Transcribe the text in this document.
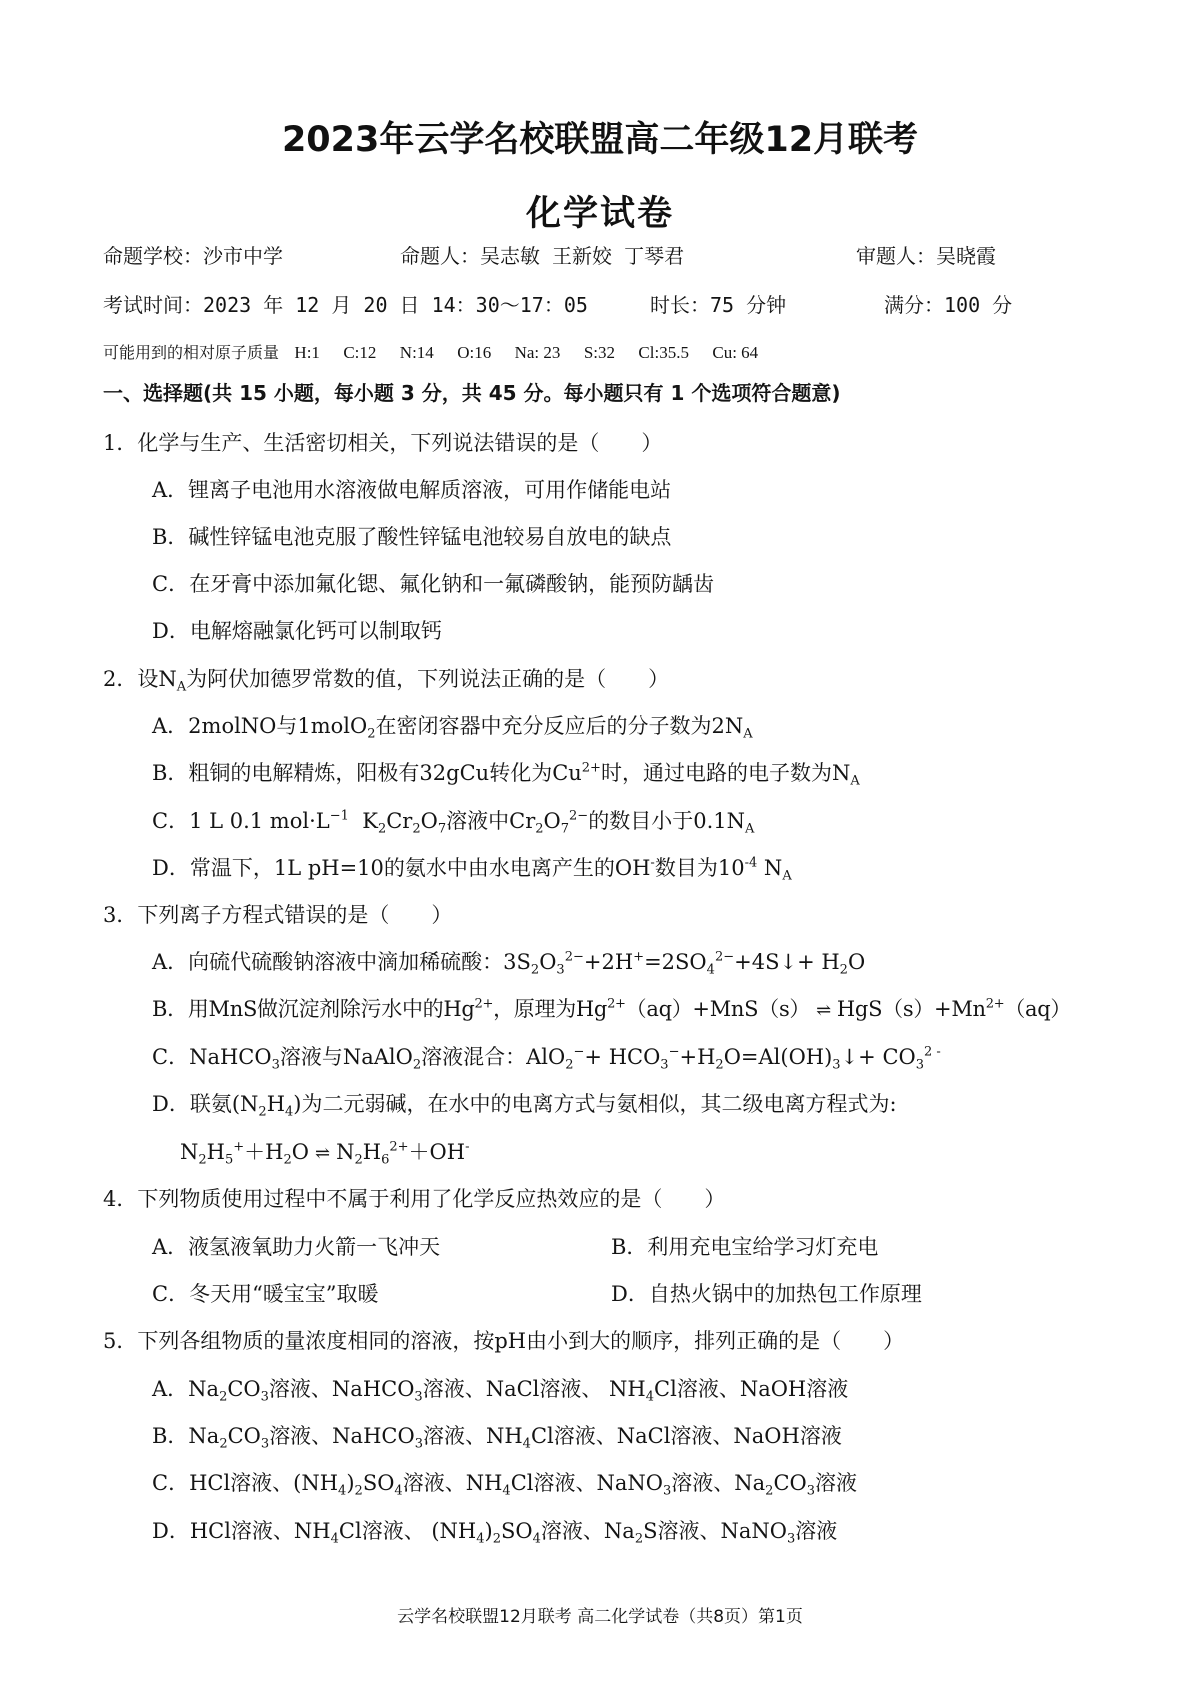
2023年云学名校联盟高二年级12月联考
化学试卷
命题学校：沙市中学	命题人：吴志敏 王新姣 丁琴君	审题人：吴晓霞
考试时间：2023 年 12 月 20 日 14：30～17：05	时长：75 分钟	满分：100 分
可能用到的相对原子质量 H:1 C:12 N:14 O:16 Na: 23 S:32 Cl:35.5 Cu: 64
一、选择题(共 15 小题，每小题 3 分，共 45 分。每小题只有 1 个选项符合题意)
1．化学与生产、生活密切相关，下列说法错误的是（　　）
A．锂离子电池用水溶液做电解质溶液，可用作储能电站
B．碱性锌锰电池克服了酸性锌锰电池较易自放电的缺点
C．在牙膏中添加氟化锶、氟化钠和一氟磷酸钠，能预防龋齿
D．电解熔融氯化钙可以制取钙
2．设$N_A$为阿伏加德罗常数的值，下列说法正确的是（　　）
A．2molNO与1molO$_2$在密闭容器中充分反应后的分子数为$2N_A$
B．粗铜的电解精炼，阳极有32gCu转化为$Cu^{2+}$时，通过电路的电子数为$N_A$
C．1 L 0.1 $mol\cdot L^{-1}$ $K_2Cr_2O_7$溶液中$Cr_2O_7^{2-}$的数目小于$0.1N_A$
D．常温下，1L pH=10的氨水中由水电离产生的OH-数目为$10^{-4}$ $N_A$
3．下列离子方程式错误的是（　　）
A．向硫代硫酸钠溶液中滴加稀硫酸：$3S_2O_3^{2-}+2H^+=2SO_4^{2-}+4S↓+ H_2O$
B．用MnS做沉淀剂除污水中的$Hg^{2+}$，原理为$Hg^{2+}(aq)+MnS(s)$ ⇌ $HgS(s)+Mn^{2+}(aq)$
C．NaHCO$_3$溶液与NaAlO$_2$溶液混合：$AlO_2^-+ HCO_3^-+H_2O=Al(OH)_3↓+ CO_3^{2 -}$
D．联氨$(N_2H_4)$为二元弱碱，在水中的电离方式与氨相似，其二级电离方程式为:
$N_2H_5^++H_2O$ ⇌ $N_2H_6^{2+}+OH^-$
4．下列物质使用过程中不属于利用了化学反应热效应的是（　　）
A．液氢液氧助力火箭一飞冲天	B．利用充电宝给学习灯充电
C．冬天用“暖宝宝”取暖	D．自热火锅中的加热包工作原理
5．下列各组物质的量浓度相同的溶液，按pH由小到大的顺序，排列正确的是（　　）
A．$Na_2CO_3$溶液、NaHCO$_3$溶液、NaCl溶液、 $NH_4Cl$溶液、NaOH溶液
B．$Na_2CO_3$溶液、NaHCO$_3$溶液、$NH_4Cl$溶液、NaCl溶液、NaOH溶液
C．HCl溶液、$(NH_4)_2SO_4$溶液、$NH_4Cl$溶液、NaNO$_3$溶液、$Na_2CO_3$溶液
D．HCl溶液、$NH_4Cl$溶液、 $(NH_4)_2SO_4$溶液、$Na_2S$溶液、NaNO$_3$溶液
云学名校联盟12月联考 高二化学试卷（共8页）第1页
